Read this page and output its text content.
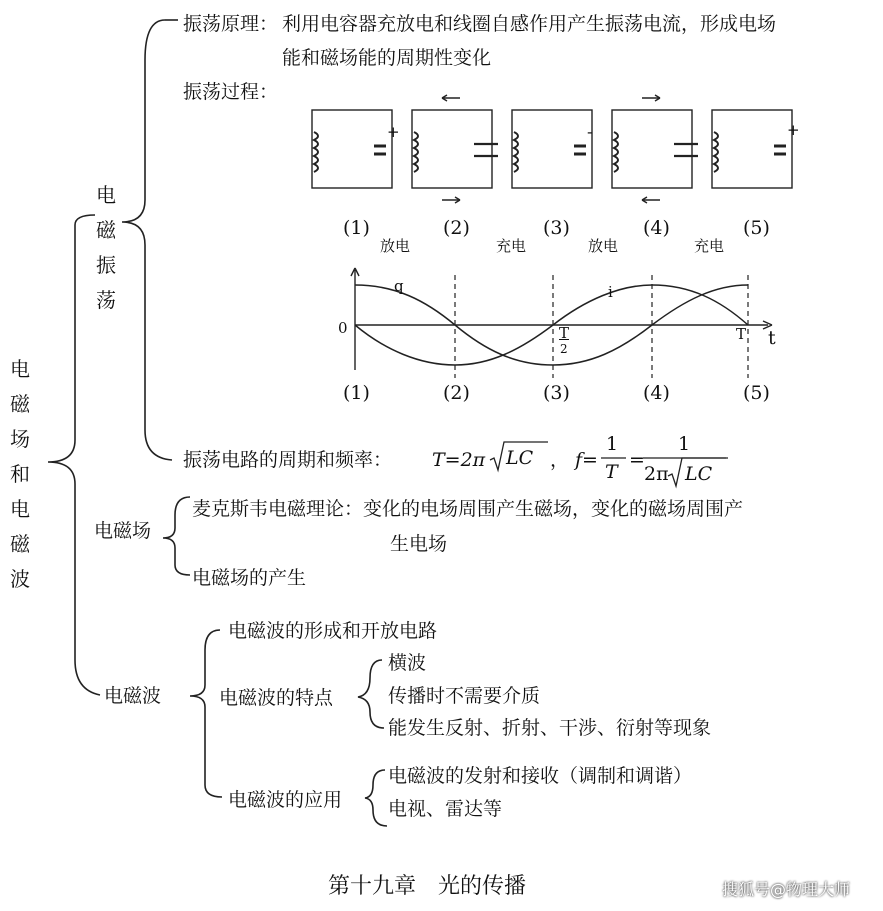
电磁场和电磁波
电磁振荡
振荡原理： 利用电容器充放电和线圈自感作用产生振荡电流，形成电场
能和磁场能的周期性变化
振荡过程：
+	-	+
(1)	(2)	(3)	(4)	(5)
放电	充电	放电	充电
0
q	i
t
T
T
2
(1)	(2)	(3)	(4)	(5)
振荡电路的周期和频率： T=2π LC ， f=
1
T
=
1
2π LC
电磁场
麦克斯韦电磁理论：变化的电场周围产生磁场，变化的磁场周围产
生电场
电磁场的产生
电磁波
电磁波的形成和开放电路
电磁波的特点
横波
传播时不需要介质
能发生反射、折射、干涉、衍射等现象
电磁波的应用
电磁波的发射和接收（调制和调谐）
电视、雷达等
第十九章　光的传播	搜狐号@物理大师
